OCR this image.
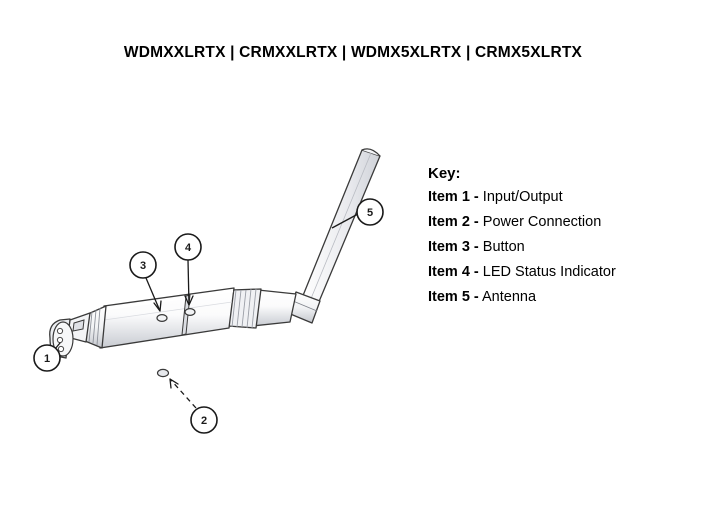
WDMXXLRTX | CRMXXLRTX | WDMX5XLRTX | CRMX5XLRTX
1
2
3
4
5
Key:
Item 1 - Input/Output
Item 2 - Power Connection
Item 3 - Button
Item 4 - LED Status Indicator
Item 5 - Antenna
